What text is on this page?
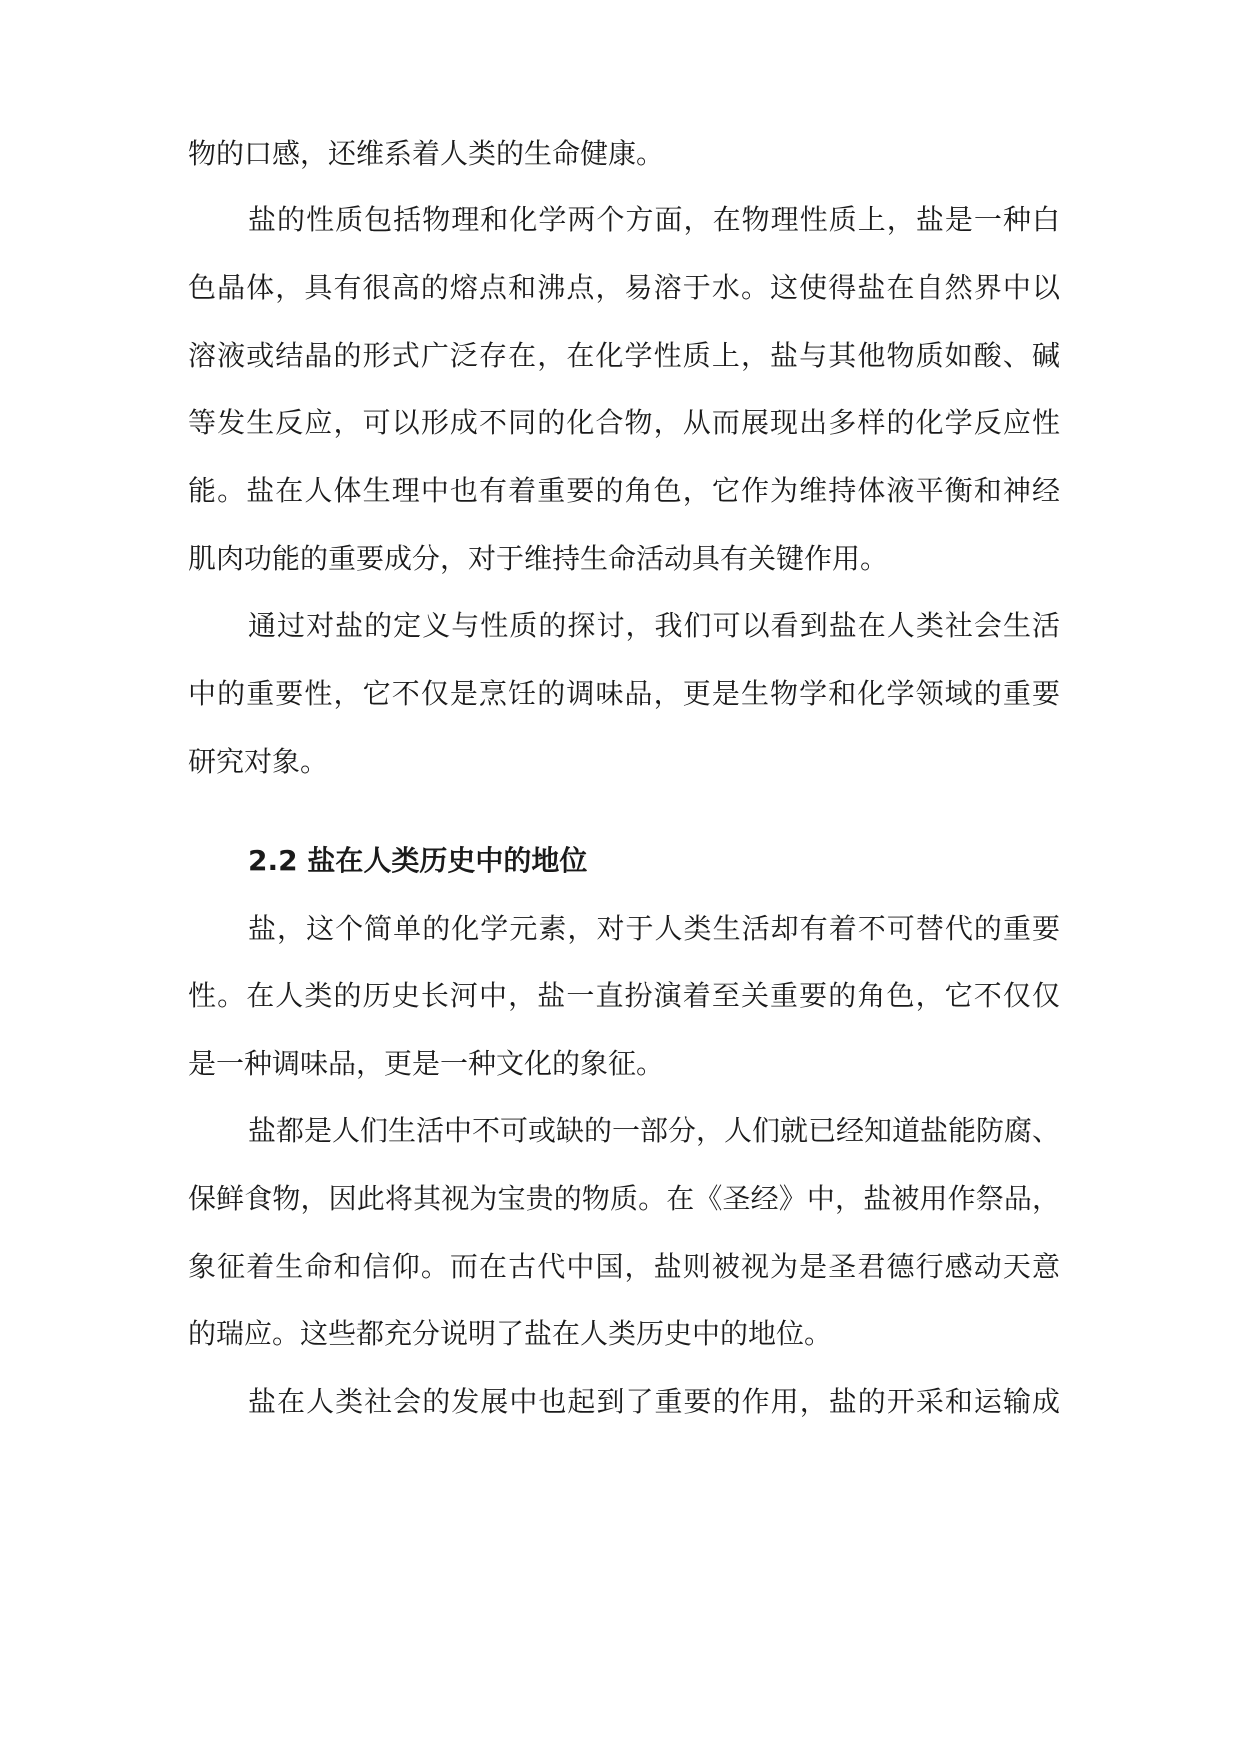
物的口感，还维系着人类的生命健康。
盐的性质包括物理和化学两个方面，在物理性质上，盐是一种白
色晶体，具有很高的熔点和沸点，易溶于水。这使得盐在自然界中以
溶液或结晶的形式广泛存在，在化学性质上，盐与其他物质如酸、碱
等发生反应，可以形成不同的化合物，从而展现出多样的化学反应性
能。盐在人体生理中也有着重要的角色，它作为维持体液平衡和神经
肌肉功能的重要成分，对于维持生命活动具有关键作用。
通过对盐的定义与性质的探讨，我们可以看到盐在人类社会生活
中的重要性，它不仅是烹饪的调味品，更是生物学和化学领域的重要
研究对象。
2.2 盐在人类历史中的地位
盐，这个简单的化学元素，对于人类生活却有着不可替代的重要
性。在人类的历史长河中，盐一直扮演着至关重要的角色，它不仅仅
是一种调味品，更是一种文化的象征。
盐都是人们生活中不可或缺的一部分，人们就已经知道盐能防腐、
保鲜食物，因此将其视为宝贵的物质。在《圣经》中，盐被用作祭品，
象征着生命和信仰。而在古代中国，盐则被视为是圣君德行感动天意
的瑞应。这些都充分说明了盐在人类历史中的地位。
盐在人类社会的发展中也起到了重要的作用，盐的开采和运输成
